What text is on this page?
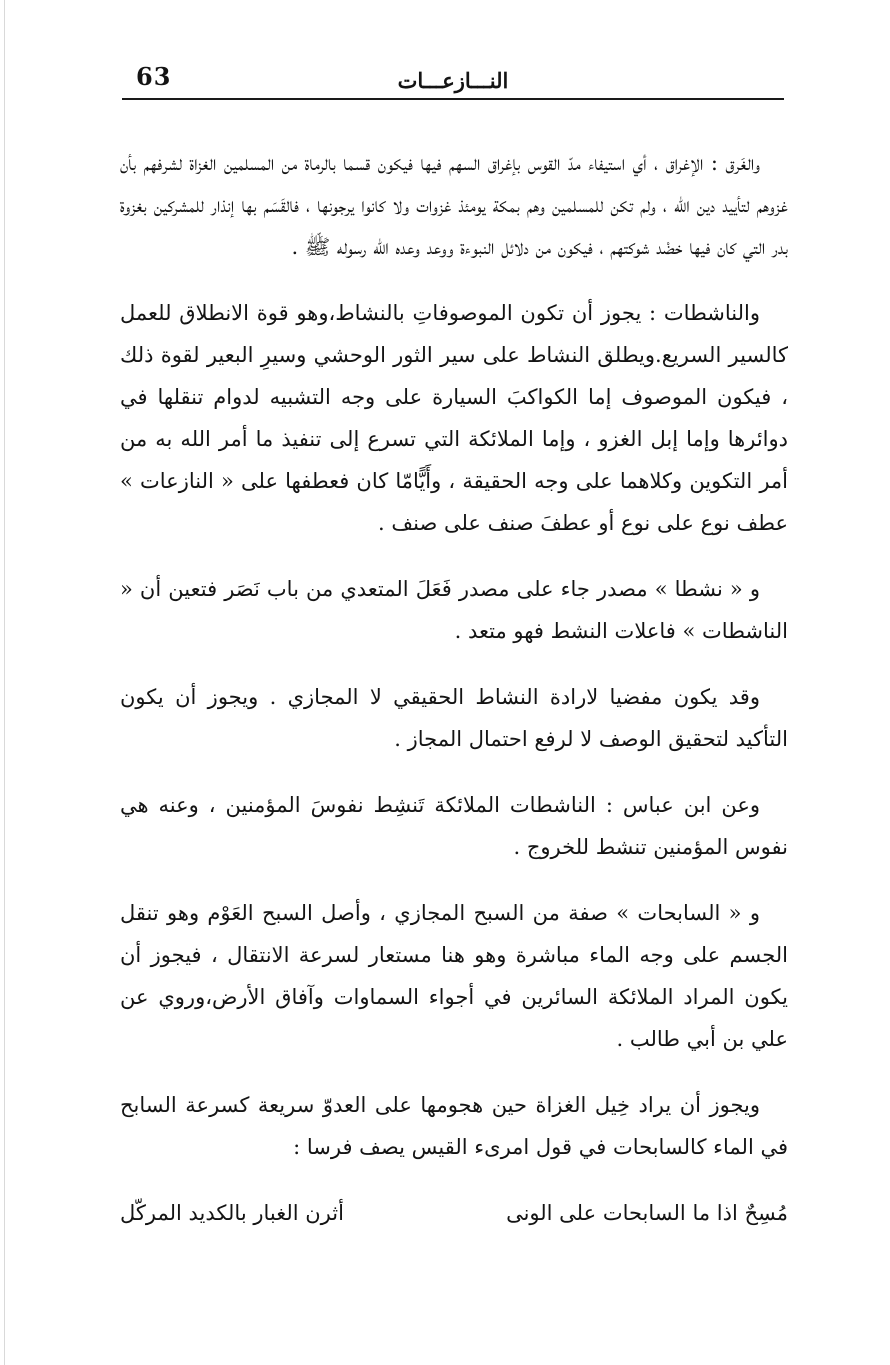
النـــازعـــات
63

والغَرق : الإغراق ، أي استيفاء مدّ القوس بإغراق السهم فيها فيكون قسما بالرماة من المسلمين الغزاة لشرفهم بأن غزوهم لتأييد دين الله ، ولم تكن للمسلمين وهم بمكة يومئذ غزوات ولا كانوا يرجونها ، فالقَسَم بها إنذار للمشركين بغزوة بدر التي كان فيها خضْد شوكتهم ، فيكون من دلائل النبوءة ووعد وعده الله رسوله ﷺ .

والناشطات : يجوز أن تكون الموصوفاتِ بالنشاط،وهو قوة الانطلاق للعمل كالسير السريع.ويطلق النشاط على سير الثور الوحشي وسيرِ البعير لقوة ذلك ، فيكون الموصوف إما الكواكبَ السيارة على وجه التشبيه لدوام تنقلها في دوائرها وإما إبل الغزو ، وإما الملائكة التي تسرع إلى تنفيذ ما أمر الله به من أمر التكوين وكلاهما على وجه الحقيقة ، وأَيًّامّا كان فعطفها على « النازعات » عطف نوع على نوع أو عطفَ صنف على صنف .

و « نشطا » مصدر جاء على مصدر فَعَلَ المتعدي من باب نَصَر فتعين أن « الناشطات » فاعلات النشط فهو متعد .

وقد يكون مفضيا لارادة النشاط الحقيقي لا المجازي . ويجوز أن يكون التأكيد لتحقيق الوصف لا لرفع احتمال المجاز .

وعن ابن عباس : الناشطات الملائكة تَنشِط نفوسَ المؤمنين ، وعنه هي نفوس المؤمنين تنشط للخروج .

و « السابحات » صفة من السبح المجازي ، وأصل السبح العَوْم وهو تنقل الجسم على وجه الماء مباشرة وهو هنا مستعار لسرعة الانتقال ، فيجوز أن يكون المراد الملائكة السائرين في أجواء السماوات وآفاق الأرض،وروي عن علي بن أبي طالب .

ويجوز أن يراد خِيل الغزاة حين هجومها على العدوّ سريعة كسرعة السابح في الماء كالسابحات في قول امرىء القيس يصف فرسا :

مُسِحٌ اذا ما السابحات على الونى
أثرن الغبار بالكديد المركّل
